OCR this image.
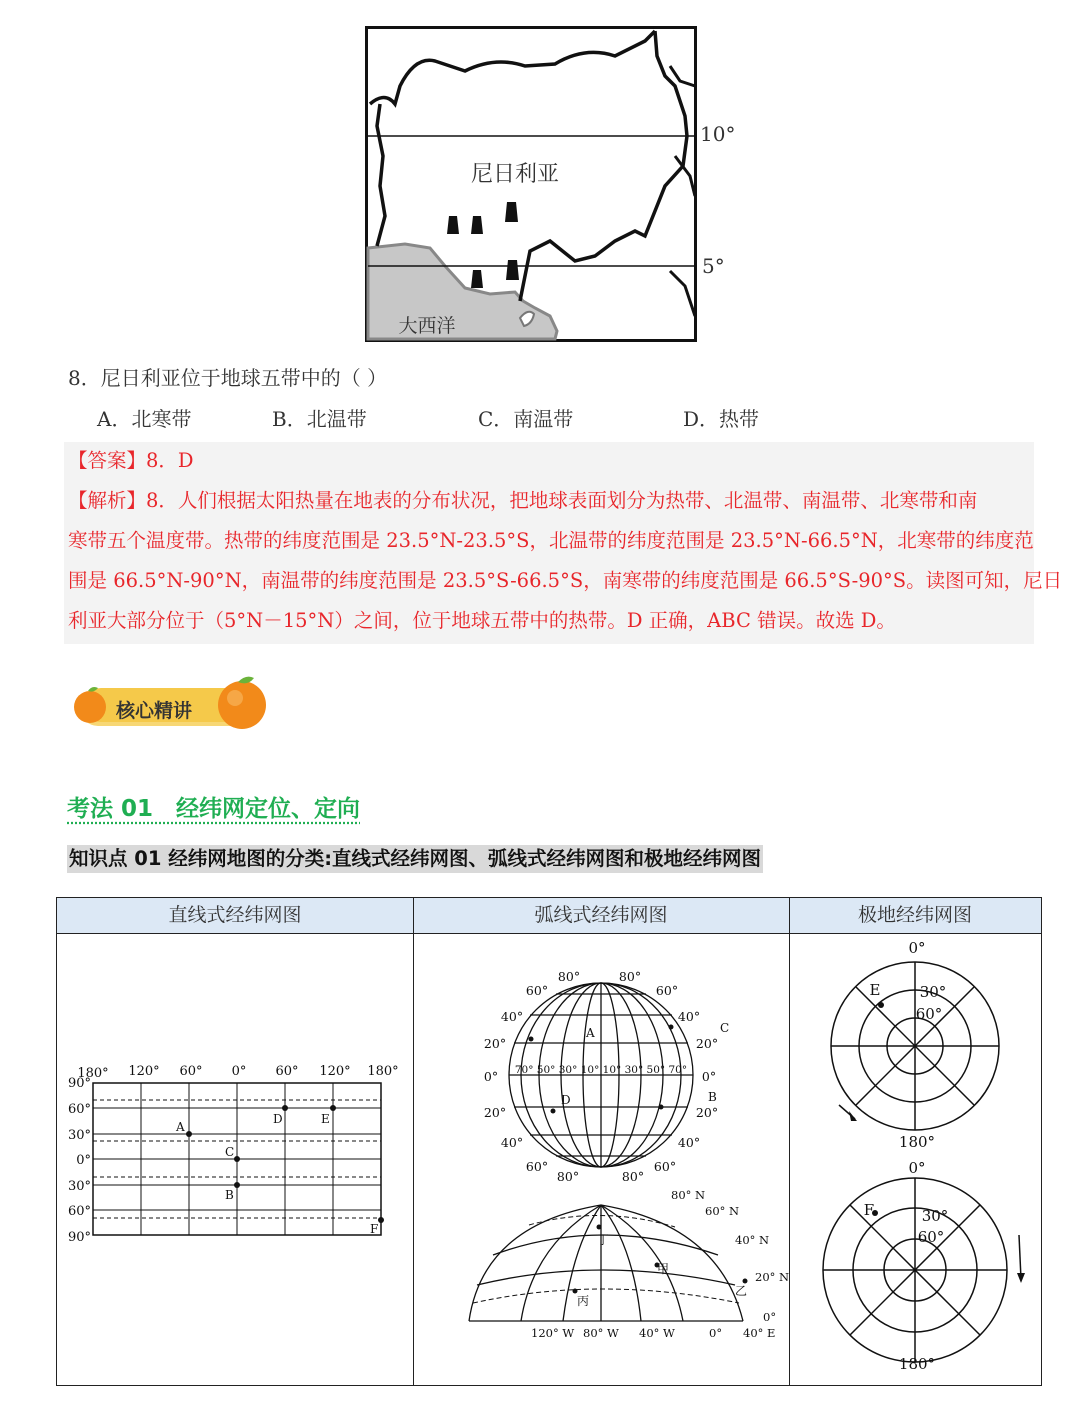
尼日利亚
大西洋
10°
5°
8．尼日利亚位于地球五带中的（ ）
A．北寒带	B．北温带	C．南温带	D．热带
【答案】8．D
【解析】8．人们根据太阳热量在地表的分布状况，把地球表面划分为热带、北温带、南温带、北寒带和南
寒带五个温度带。热带的纬度范围是 23.5°N-23.5°S，北温带的纬度范围是 23.5°N-66.5°N，北寒带的纬度范
围是 66.5°N-90°N，南温带的纬度范围是 23.5°S-66.5°S，南寒带的纬度范围是 66.5°S-90°S。读图可知，尼日
利亚大部分位于（5°N－15°N）之间，位于地球五带中的热带。D 正确，ABC 错误。故选 D。
核心精讲
考法 01　经纬网定位、定向
知识点 01 经纬网地图的分类:直线式经纬网图、弧线式经纬网图和极地经纬网图
直线式经纬网图	弧线式经纬网图	极地经纬网图
180° 120° 60° 0° 60° 120° 180°
90°
60°
30°
0°
30°
60°
90°
A
B
C
D	E
F
80°	80°
60°
40°
20°
0°
20°
40°
60°
80°
60°
40°
20°
0°
20°
40°
60°
80°
70° 50° 30° 10° 10° 30° 50° 70°
A
B
C
D
80° N
60° N
40° N
20° N
0°
120° W 80° W 40° W	0° 40° E
丁
甲
丙
乙
0°
180°
E	30°
60°
0°
180°
F	30°
60°
